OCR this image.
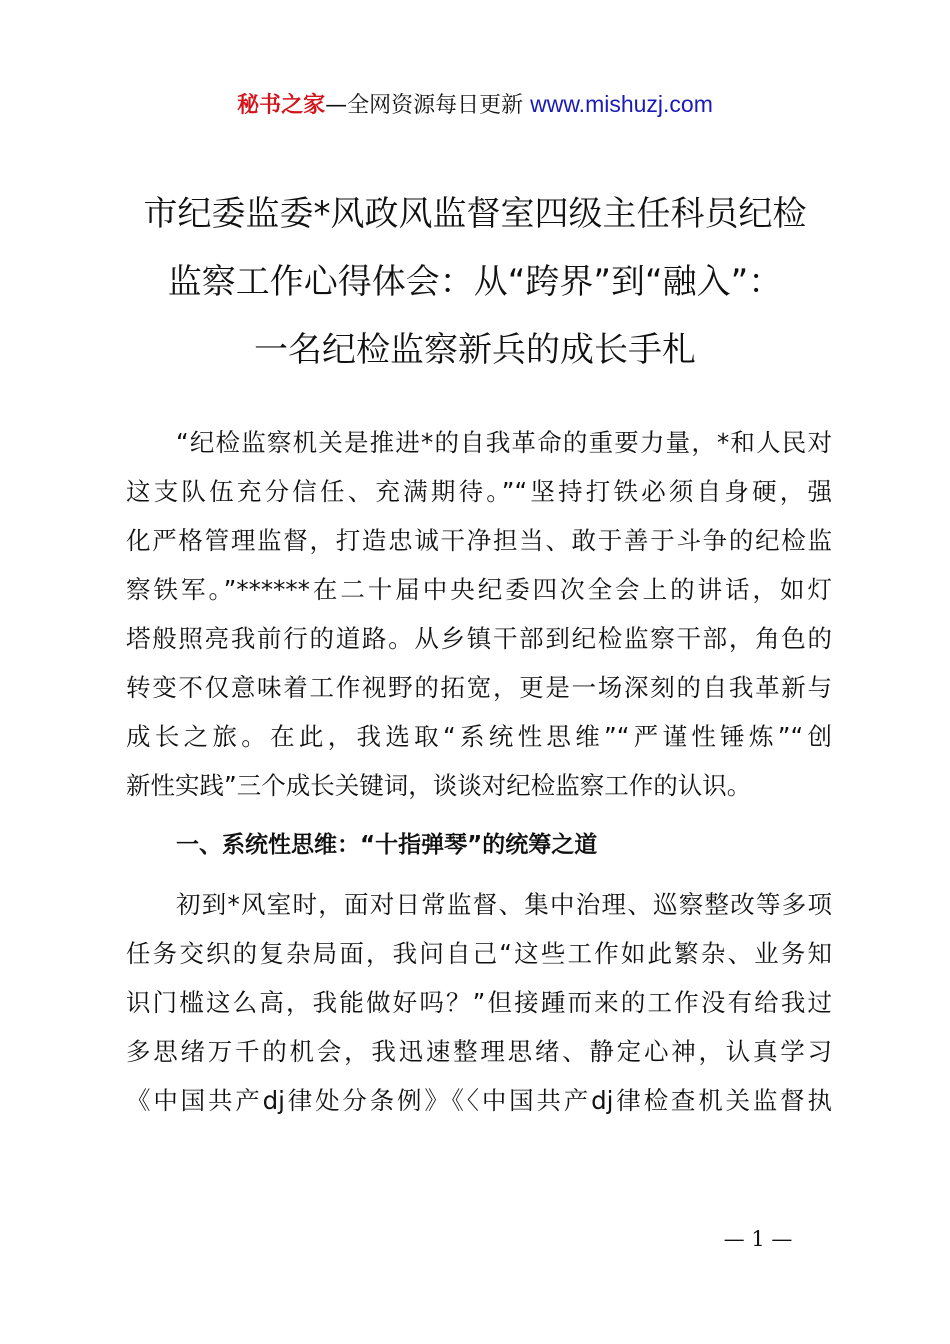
秘书之家—全网资源每日更新 www.mishuzj.com
市纪委监委*风政风监督室四级主任科员纪检
监察工作心得体会：从“跨界”到“融入”：
一名纪检监察新兵的成长手札
“纪检监察机关是推进*的自我革命的重要力量，*和人民对
这支队伍充分信任、充满期待。”“坚持打铁必须自身硬，强
化严格管理监督，打造忠诚干净担当、敢于善于斗争的纪检监
察铁军。”******在二十届中央纪委四次全会上的讲话，如灯
塔般照亮我前行的道路。从乡镇干部到纪检监察干部，角色的
转变不仅意味着工作视野的拓宽，更是一场深刻的自我革新与
成长之旅。在此，我选取“系统性思维”“严谨性锤炼”“创
新性实践”三个成长关键词，谈谈对纪检监察工作的认识。
一、系统性思维：“十指弹琴”的统筹之道
初到*风室时，面对日常监督、集中治理、巡察整改等多项
任务交织的复杂局面，我问自己“这些工作如此繁杂、业务知
识门槛这么高，我能做好吗？”但接踵而来的工作没有给我过
多思绪万千的机会，我迅速整理思绪、静定心神，认真学习
《中国共产dj律处分条例》《〈中国共产dj律检查机关监督执
— 1 —
